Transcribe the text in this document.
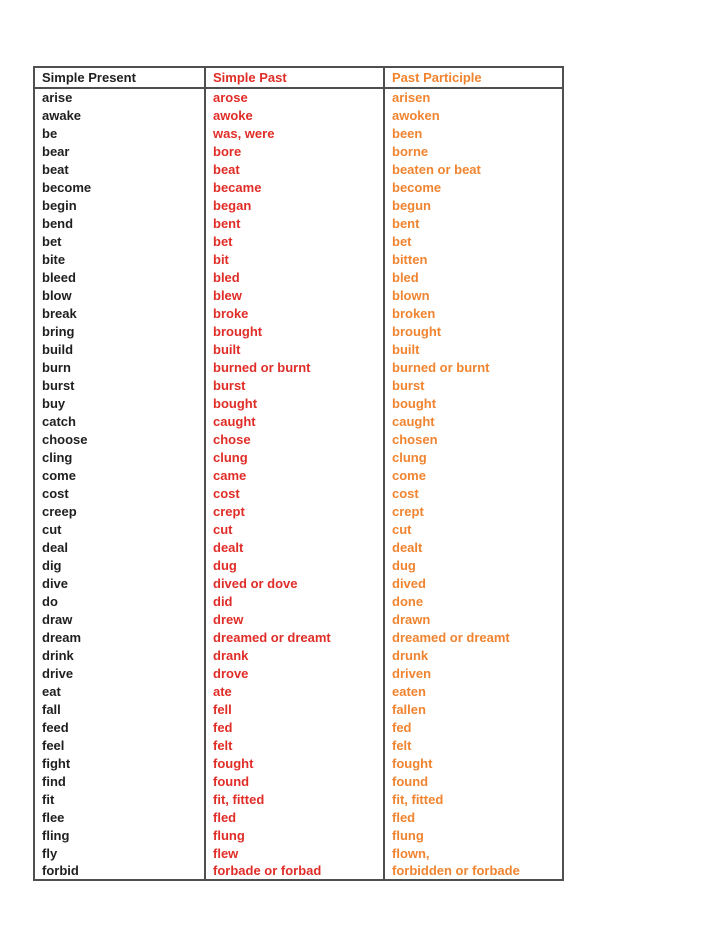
Simple Present	Simple Past	Past Participle
arise	arose	arisen
awake	awoke	awoken
be	was, were	been
bear	bore	borne
beat	beat	beaten or beat
become	became	become
begin	began	begun
bend	bent	bent
bet	bet	bet
bite	bit	bitten
bleed	bled	bled
blow	blew	blown
break	broke	broken
bring	brought	brought
build	built	built
burn	burned or burnt	burned or burnt
burst	burst	burst
buy	bought	bought
catch	caught	caught
choose	chose	chosen
cling	clung	clung
come	came	come
cost	cost	cost
creep	crept	crept
cut	cut	cut
deal	dealt	dealt
dig	dug	dug
dive	dived or dove	dived
do	did	done
draw	drew	drawn
dream	dreamed or dreamt	dreamed or dreamt
drink	drank	drunk
drive	drove	driven
eat	ate	eaten
fall	fell	fallen
feed	fed	fed
feel	felt	felt
fight	fought	fought
find	found	found
fit	fit, fitted	fit, fitted
flee	fled	fled
fling	flung	flung
fly	flew	flown,
forbid	forbade or forbad	forbidden or forbade
